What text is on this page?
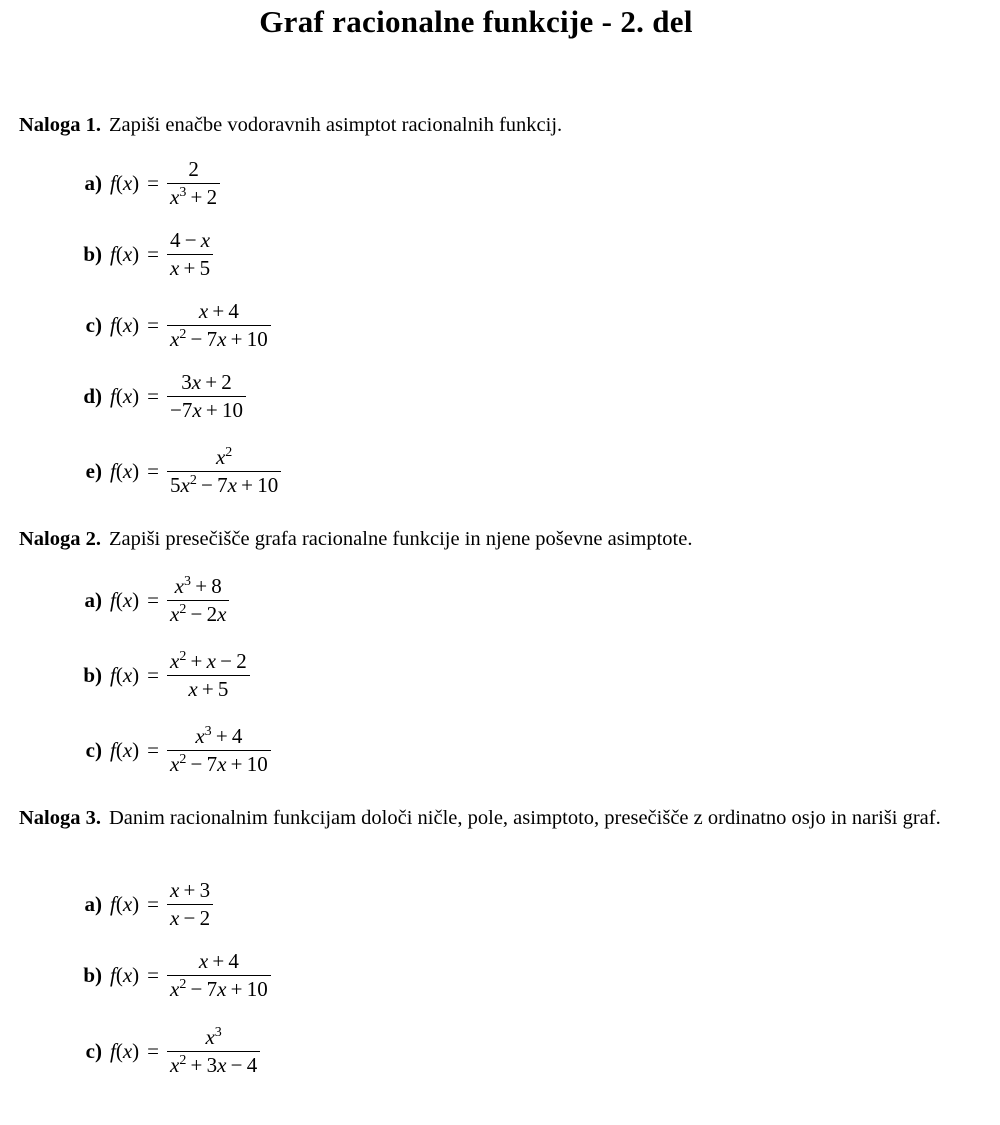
Graf racionalne funkcije - 2. del
Naloga 1. Zapiši enačbe vodoravnih asimptot racionalnih funkcij.
a) $f(x) = \frac{2}{x^3 + 2}$
b) $f(x) = \frac{4 - x}{x + 5}$
c) $f(x) = \frac{x + 4}{x^2 - 7x + 10}$
d) $f(x) = \frac{3x + 2}{-7x + 10}$
e) $f(x) = \frac{x^2}{5x^2 - 7x + 10}$
Naloga 2. Zapiši presečišče grafa racionalne funkcije in njene poševne asimptote.
a) $f(x) = \frac{x^3 + 8}{x^2 - 2x}$
b) $f(x) = \frac{x^2 + x - 2}{x + 5}$
c) $f(x) = \frac{x^3 + 4}{x^2 - 7x + 10}$
Naloga 3. Danim racionalnim funkcijam določi ničle, pole, asimptoto, presečišče z ordinatno osjo in nariši graf.
a) $f(x) = \frac{x + 3}{x - 2}$
b) $f(x) = \frac{x + 4}{x^2 - 7x + 10}$
c) $f(x) = \frac{x^3}{x^2 + 3x - 4}$
